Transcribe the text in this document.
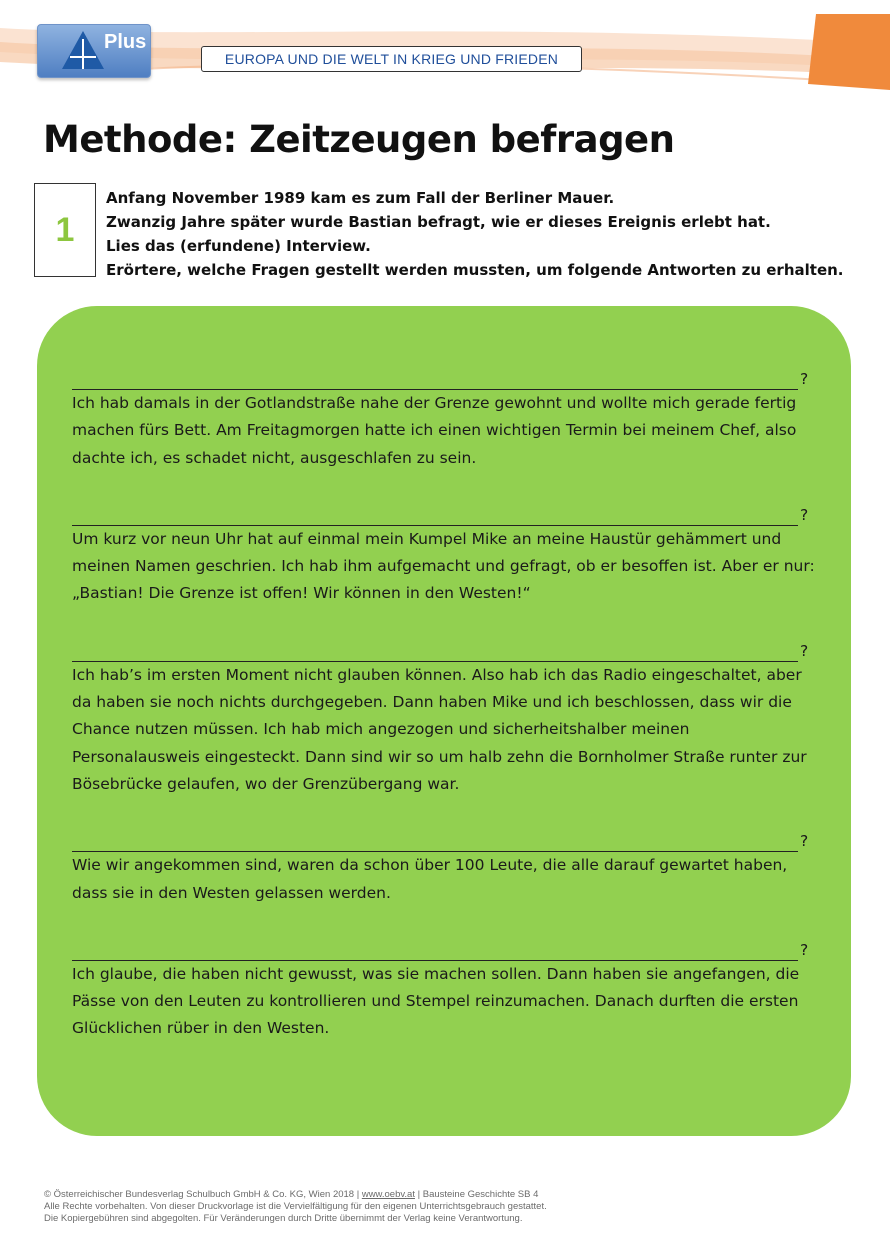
Plus
EUROPA UND DIE WELT IN KRIEG UND FRIEDEN
Methode: Zeitzeugen befragen
1
Anfang November 1989 kam es zum Fall der Berliner Mauer.
Zwanzig Jahre später wurde Bastian befragt, wie er dieses Ereignis erlebt hat.
Lies das (erfundene) Interview.
Erörtere, welche Fragen gestellt werden mussten, um folgende Antworten zu erhalten.
?

Ich hab damals in der Gotlandstraße nahe der Grenze gewohnt und wollte mich gerade fertig machen fürs Bett. Am Freitagmorgen hatte ich einen wichtigen Termin bei meinem Chef, also dachte ich, es schadet nicht, ausgeschlafen zu sein.

?

Um kurz vor neun Uhr hat auf einmal mein Kumpel Mike an meine Haustür gehämmert und meinen Namen geschrien. Ich hab ihm aufgemacht und gefragt, ob er besoffen ist. Aber er nur: „Bastian! Die Grenze ist offen! Wir können in den Westen!“

?

Ich hab’s im ersten Moment nicht glauben können. Also hab ich das Radio eingeschaltet, aber da haben sie noch nichts durchgegeben. Dann haben Mike und ich beschlossen, dass wir die Chance nutzen müssen. Ich hab mich angezogen und sicherheitshalber meinen Personalausweis eingesteckt. Dann sind wir so um halb zehn die Bornholmer Straße runter zur Bösebrücke gelaufen, wo der Grenzübergang war.

?

Wie wir angekommen sind, waren da schon über 100 Leute, die alle darauf gewartet haben, dass sie in den Westen gelassen werden.

?

Ich glaube, die haben nicht gewusst, was sie machen sollen. Dann haben sie angefangen, die Pässe von den Leuten zu kontrollieren und Stempel reinzumachen. Danach durften die ersten Glücklichen rüber in den Westen.

© Österreichischer Bundesverlag Schulbuch GmbH & Co. KG, Wien 2018 | www.oebv.at | Bausteine Geschichte SB 4
Alle Rechte vorbehalten. Von dieser Druckvorlage ist die Vervielfältigung für den eigenen Unterrichtsgebrauch gestattet.
Die Kopiergebühren sind abgegolten. Für Veränderungen durch Dritte übernimmt der Verlag keine Verantwortung.
